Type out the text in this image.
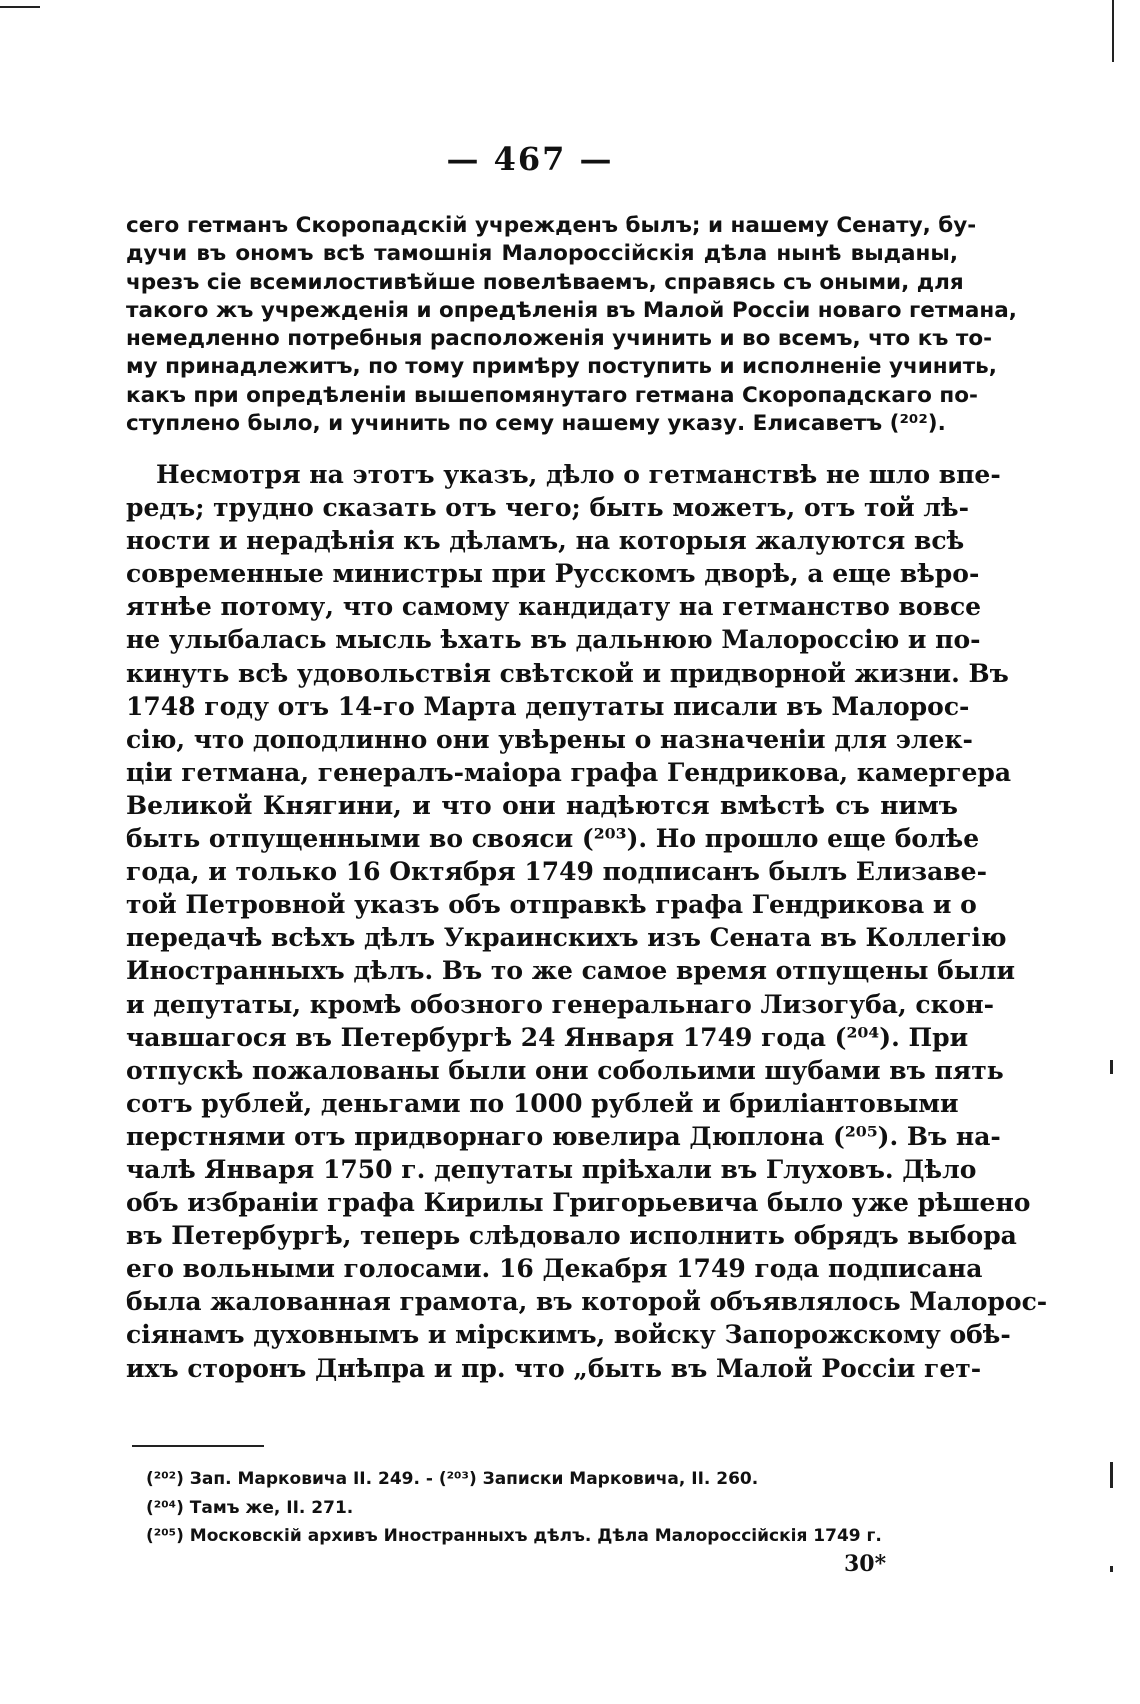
— 467 —
сего гетманъ Скоропадскій учрежденъ былъ; и нашему Сенату, бу-
дучи въ ономъ всѣ тамошнія Малороссійскія дѣла нынѣ выданы,
чрезъ сіе всемилостивѣйше повелѣваемъ, справясь съ оными, для
такого жъ учрежденія и опредѣленія въ Малой Россіи новаго гетмана,
немедленно потребныя расположенія учинить и во всемъ, что къ то-
му принадлежитъ, по тому примѣру поступить и исполненіе учинить,
какъ при опредѣленіи вышепомянутаго гетмана Скоропадскаго по-
ступлено было, и учинить по сему нашему указу. Елисаветъ (²⁰²).
Несмотря на этотъ указъ, дѣло о гетманствѣ не шло впе-
редъ; трудно сказать отъ чего; быть можетъ, отъ той лѣ-
ности и нерадѣнія къ дѣламъ, на которыя жалуются всѣ
современные министры при Русскомъ дворѣ, а еще вѣро-
ятнѣе потому, что самому кандидату на гетманство вовсе
не улыбалась мысль ѣхать въ дальнюю Малороссію и по-
кинуть всѣ удовольствія свѣтской и придворной жизни. Въ
1748 году отъ 14-го Марта депутаты писали въ Малорос-
сію, что доподлинно они увѣрены о назначеніи для элек-
ціи гетмана, генералъ-маіора графа Гендрикова, камергера
Великой Княгини, и что они надѣются вмѣстѣ съ нимъ
быть отпущенными во свояси (²⁰³). Но прошло еще болѣе
года, и только 16 Октября 1749 подписанъ былъ Елизаве-
той Петровной указъ объ отправкѣ графа Гендрикова и о
передачѣ всѣхъ дѣлъ Украинскихъ изъ Сената въ Коллегію
Иностранныхъ дѣлъ. Въ то же самое время отпущены были
и депутаты, кромѣ обозного генеральнаго Лизогуба, скон-
чавшагося въ Петербургѣ 24 Января 1749 года (²⁰⁴). При
отпускѣ пожалованы были они собольими шубами въ пять
сотъ рублей, деньгами по 1000 рублей и бриліантовыми
перстнями отъ придворнаго ювелира Дюплона (²⁰⁵). Въ на-
чалѣ Января 1750 г. депутаты пріѣхали въ Глуховъ. Дѣло
объ избраніи графа Кирилы Григорьевича было уже рѣшено
въ Петербургѣ, теперь слѣдовало исполнить обрядъ выбора
его вольными голосами. 16 Декабря 1749 года подписана
была жалованная грамота, въ которой объявлялось Малорос-
сіянамъ духовнымъ и мірскимъ, войску Запорожскому обѣ-
ихъ сторонъ Днѣпра и пр. что „быть въ Малой Россіи гет-
(²⁰²) Зап. Марковича II. 249. - (²⁰³) Записки Марковича, II. 260.
(²⁰⁴) Тамъ же, II. 271.
(²⁰⁵) Московскій архивъ Иностранныхъ дѣлъ. Дѣла Малороссійскія 1749 г.
30*
